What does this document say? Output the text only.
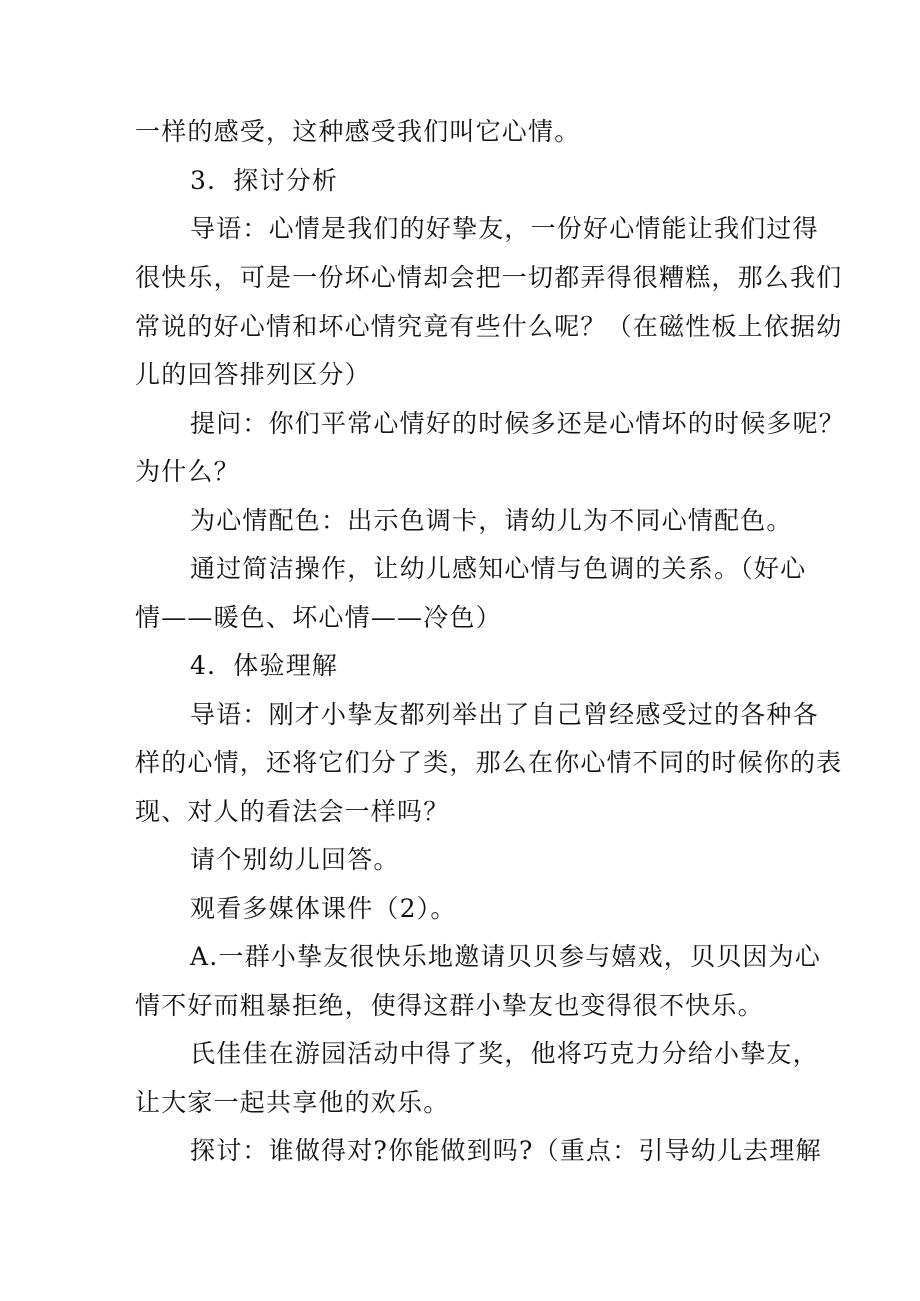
一样的感受，这种感受我们叫它心情。
3．探讨分析
导语：心情是我们的好挚友，一份好心情能让我们过得
很快乐，可是一份坏心情却会把一切都弄得很糟糕，那么我们
常说的好心情和坏心情究竟有些什么呢？（在磁性板上依据幼
儿的回答排列区分）
提问：你们平常心情好的时候多还是心情坏的时候多呢？
为什么？
为心情配色：出示色调卡，请幼儿为不同心情配色。
通过简洁操作，让幼儿感知心情与色调的关系。（好心
情——暖色、坏心情——冷色）
4．体验理解
导语：刚才小挚友都列举出了自己曾经感受过的各种各
样的心情，还将它们分了类，那么在你心情不同的时候你的表
现、对人的看法会一样吗？
请个别幼儿回答。
观看多媒体课件（2）。
A.一群小挚友很快乐地邀请贝贝参与嬉戏，贝贝因为心
情不好而粗暴拒绝，使得这群小挚友也变得很不快乐。
氏佳佳在游园活动中得了奖，他将巧克力分给小挚友，
让大家一起共享他的欢乐。
探讨：谁做得对?你能做到吗?（重点：引导幼儿去理解
